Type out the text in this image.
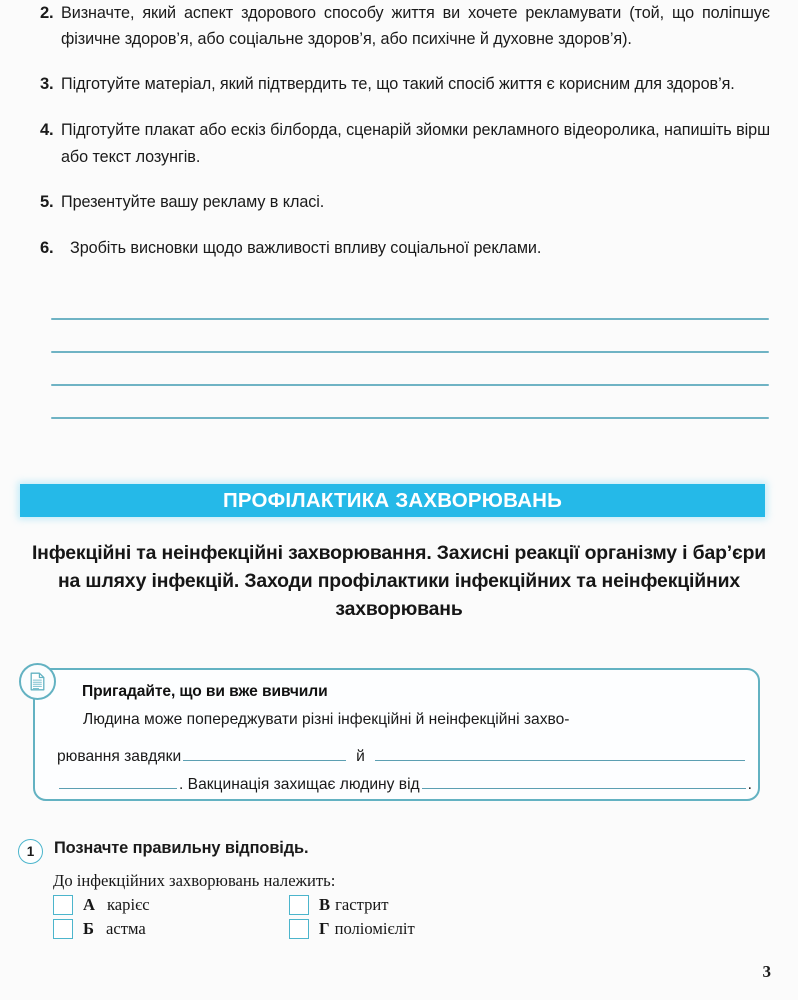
2. Визначте, який аспект здорового способу життя ви хочете рекламувати (той, що поліпшує фізичне здоров’я, або соціальне здоров’я, або психічне й духовне здоров’я).
3. Підготуйте матеріал, який підтвердить те, що такий спосіб життя є корисним для здоров’я.
4. Підготуйте плакат або ескіз білборда, сценарій зйомки рекламного відеоролика, напишіть вірш або текст лозунгів.
5. Презентуйте вашу рекламу в класі.
6.	Зробіть висновки щодо важливості впливу соціальної реклами.
ПРОФІЛАКТИКА ЗАХВОРЮВАНЬ
Інфекційні та неінфекційні захворювання. Захисні реакції організму і бар’єри на шляху інфекцій. Заходи профілактики інфекційних та неінфекційних захворювань
Пригадайте, що ви вже вивчили

Людина може попереджувати різні інфекційні й неінфекційні захво-

рювання завдяки	й
. Вакцинація захищає людину від	.
1	Позначте правильну відповідь.
До інфекційних захворювань належить:
А карієс	В гастрит
Б астма	Г поліомієліт
3
